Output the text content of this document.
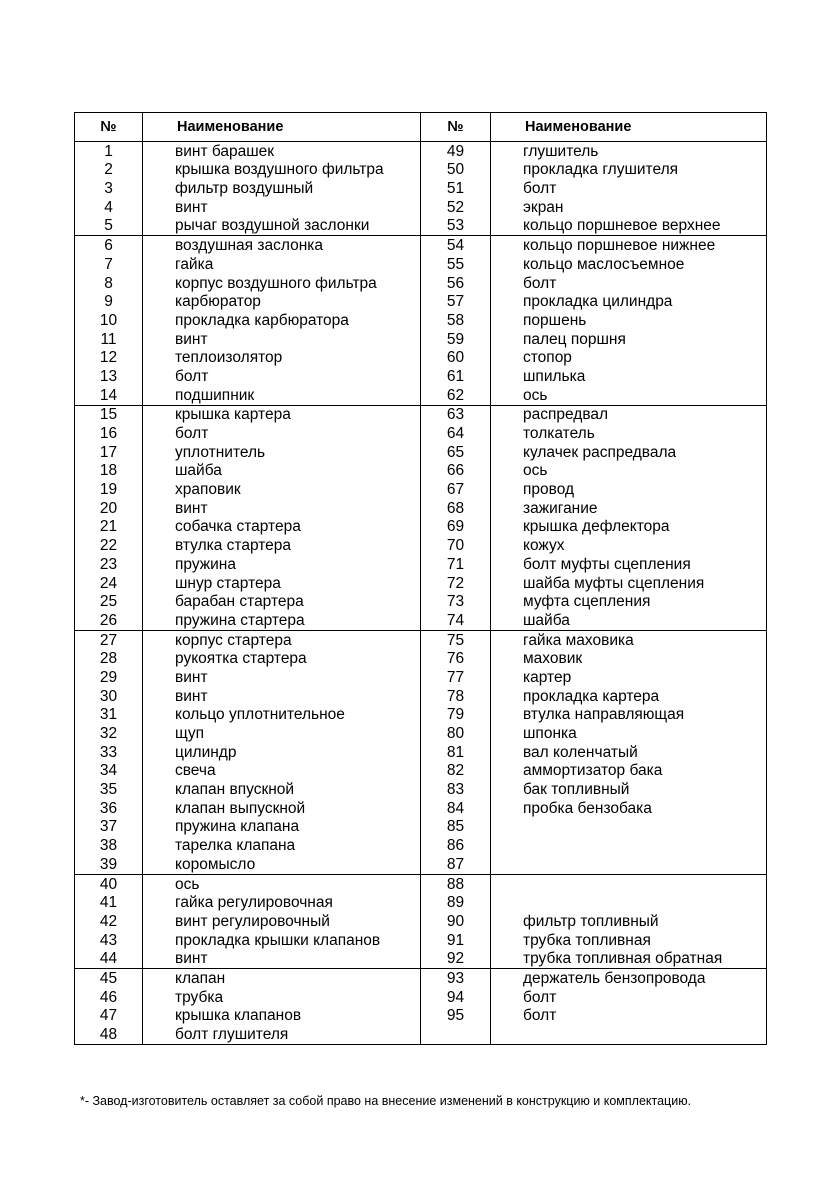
№	Наименование	№	Наименование
1	винт барашек	49	глушитель
2	крышка воздушного фильтра	50	прокладка глушителя
3	фильтр воздушный	51	болт
4	винт	52	экран
5	рычаг воздушной заслонки	53	кольцо поршневое верхнее
6	воздушная заслонка	54	кольцо поршневое нижнее
7	гайка	55	кольцо маслосъемное
8	корпус воздушного фильтра	56	болт
9	карбюратор	57	прокладка цилиндра
10	прокладка карбюратора	58	поршень
11	винт	59	палец поршня
12	теплоизолятор	60	стопор
13	болт	61	шпилька
14	подшипник	62	ось
15	крышка картера	63	распредвал
16	болт	64	толкатель
17	уплотнитель	65	кулачек распредвала
18	шайба	66	ось
19	храповик	67	провод
20	винт	68	зажигание
21	собачка стартера	69	крышка дефлектора
22	втулка стартера	70	кожух
23	пружина	71	болт муфты сцепления
24	шнур стартера	72	шайба муфты сцепления
25	барабан стартера	73	муфта сцепления
26	пружина стартера	74	шайба
27	корпус стартера	75	гайка маховика
28	рукоятка стартера	76	маховик
29	винт	77	картер
30	винт	78	прокладка картера
31	кольцо уплотнительное	79	втулка направляющая
32	щуп	80	шпонка
33	цилиндр	81	вал коленчатый
34	свеча	82	аммортизатор бака
35	клапан впускной	83	бак топливный
36	клапан выпускной	84	пробка бензобака
37	пружина клапана	85	
38	тарелка клапана	86	
39	коромысло	87	
40	ось	88	
41	гайка регулировочная	89	
42	винт регулировочный	90	фильтр топливный
43	прокладка крышки клапанов	91	трубка топливная
44	винт	92	трубка топливная обратная
45	клапан	93	держатель бензопровода
46	трубка	94	болт
47	крышка клапанов	95	болт
48	болт глушителя		
*- Завод-изготовитель оставляет за собой право на внесение изменений в конструкцию и комплектацию.
